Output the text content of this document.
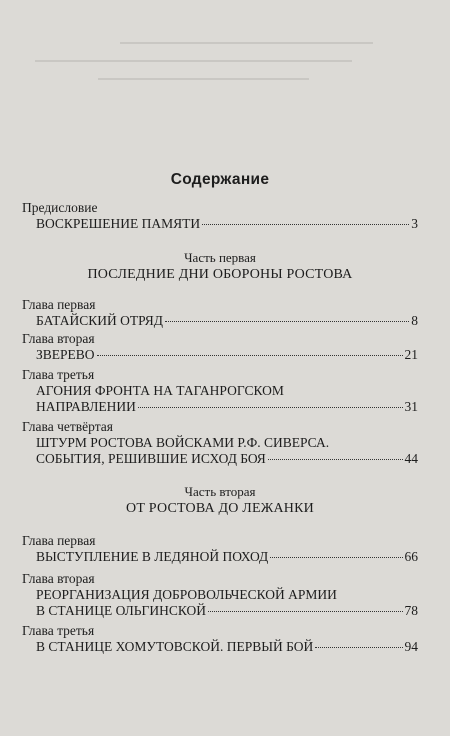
Содержание
Предисловие
ВОСКРЕШЕНИЕ ПАМЯТИ	3
Часть первая
ПОСЛЕДНИЕ ДНИ ОБОРОНЫ РОСТОВА
Глава первая
БАТАЙСКИЙ ОТРЯД	8
Глава вторая
ЗВЕРЕВО	21
Глава третья
АГОНИЯ ФРОНТА НА ТАГАНРОГСКОМ
НАПРАВЛЕНИИ	31
Глава четвёртая
ШТУРМ РОСТОВА ВОЙСКАМИ Р.Ф. СИВЕРСА.
СОБЫТИЯ, РЕШИВШИЕ ИСХОД БОЯ	44
Часть вторая
ОТ РОСТОВА ДО ЛЕЖАНКИ
Глава первая
ВЫСТУПЛЕНИЕ В ЛЕДЯНОЙ ПОХОД	66
Глава вторая
РЕОРГАНИЗАЦИЯ ДОБРОВОЛЬЧЕСКОЙ АРМИИ
В СТАНИЦЕ ОЛЬГИНСКОЙ	78
Глава третья
В СТАНИЦЕ ХОМУТОВСКОЙ. ПЕРВЫЙ БОЙ	94
